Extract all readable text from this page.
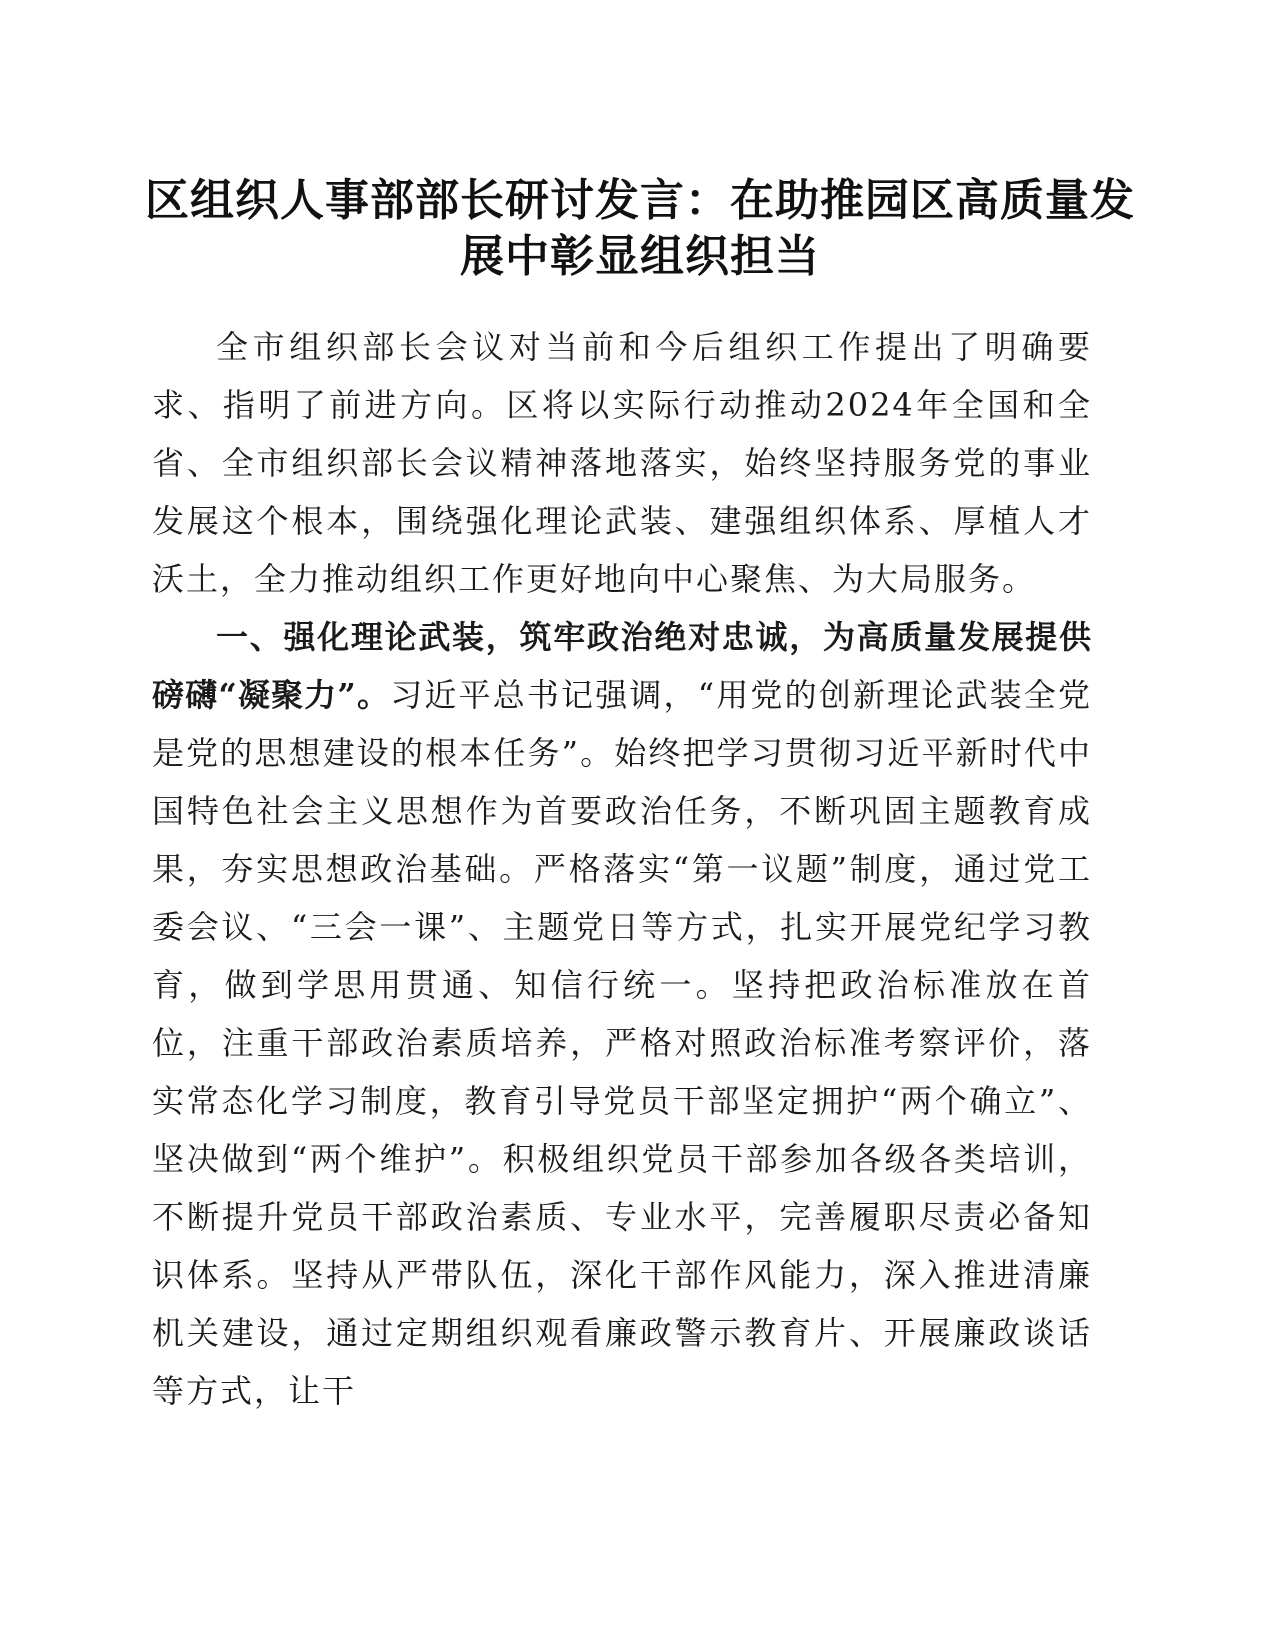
区组织人事部部长研讨发言：在助推园区高质量发展中彰显组织担当

全市组织部长会议对当前和今后组织工作提出了明确要求、指明了前进方向。区将以实际行动推动2024年全国和全省、全市组织部长会议精神落地落实，始终坚持服务党的事业发展这个根本，围绕强化理论武装、建强组织体系、厚植人才沃土，全力推动组织工作更好地向中心聚焦、为大局服务。

一、强化理论武装，筑牢政治绝对忠诚，为高质量发展提供磅礴“凝聚力”。习近平总书记强调，“用党的创新理论武装全党是党的思想建设的根本任务”。始终把学习贯彻习近平新时代中国特色社会主义思想作为首要政治任务，不断巩固主题教育成果，夯实思想政治基础。严格落实“第一议题”制度，通过党工委会议、“三会一课”、主题党日等方式，扎实开展党纪学习教育，做到学思用贯通、知信行统一。坚持把政治标准放在首位，注重干部政治素质培养，严格对照政治标准考察评价，落实常态化学习制度，教育引导党员干部坚定拥护“两个确立”、坚决做到“两个维护”。积极组织党员干部参加各级各类培训，不断提升党员干部政治素质、专业水平，完善履职尽责必备知识体系。坚持从严带队伍，深化干部作风能力，深入推进清廉机关建设，通过定期组织观看廉政警示教育片、开展廉政谈话等方式，让干
